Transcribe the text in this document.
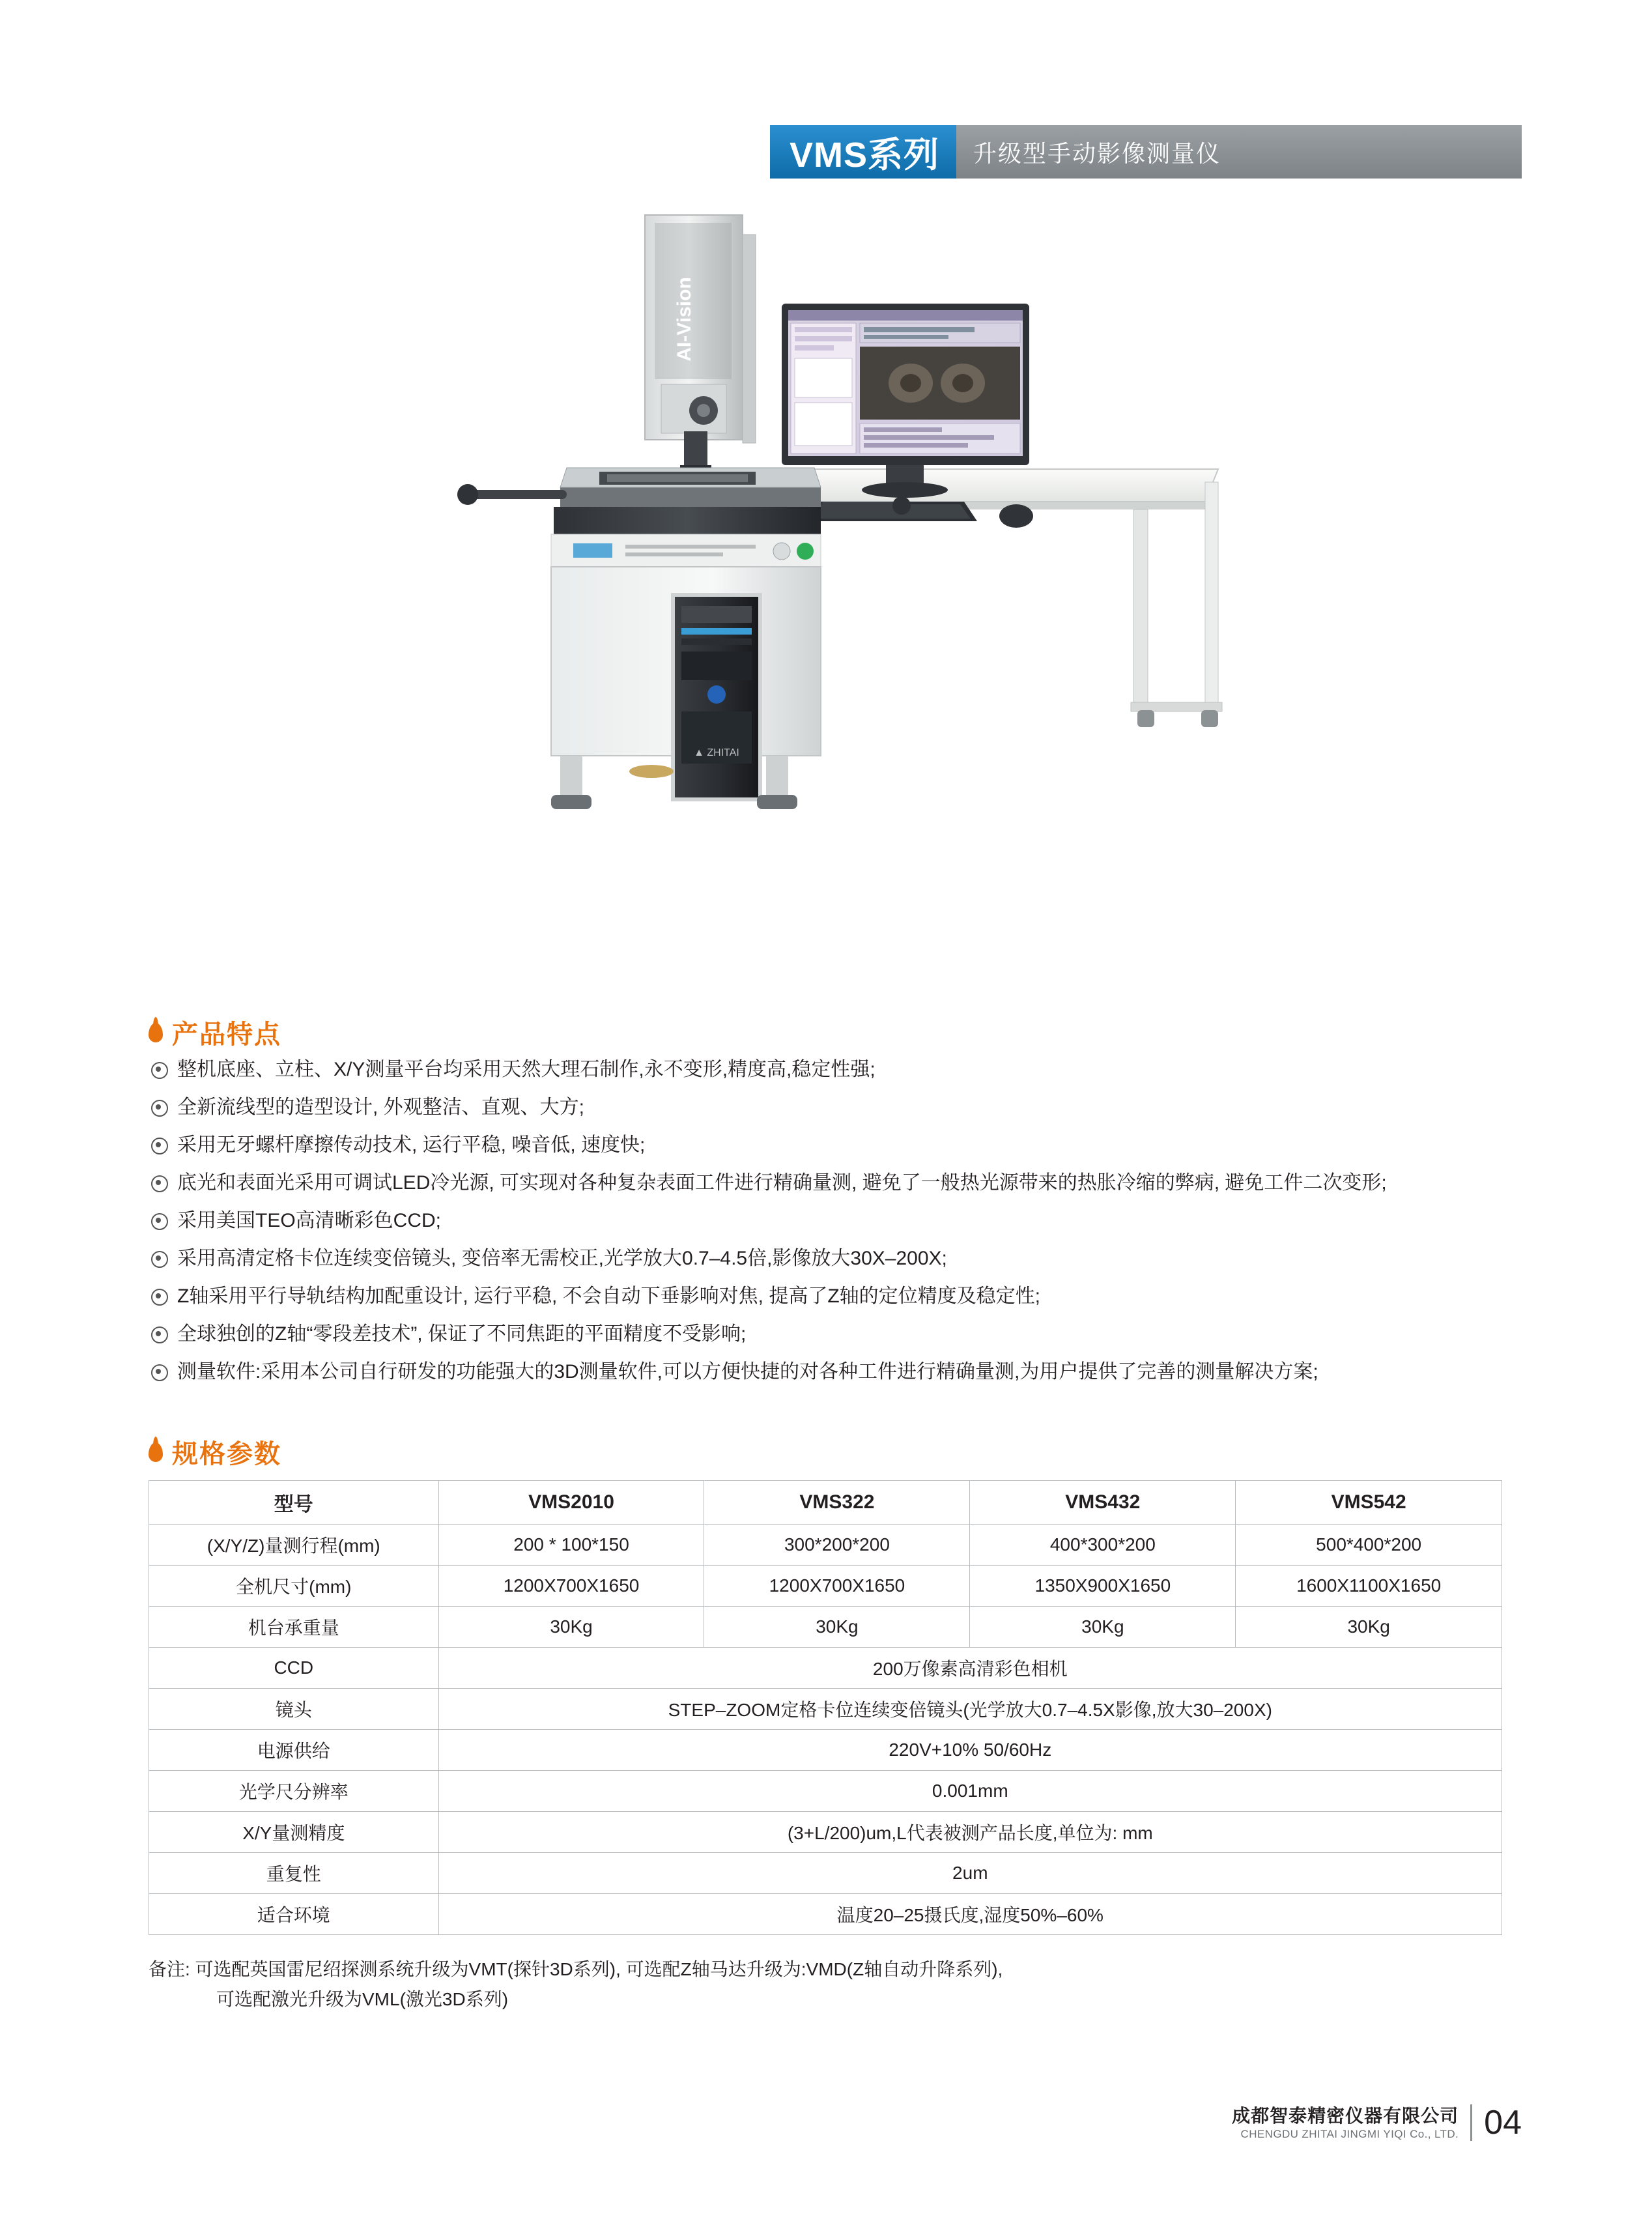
VMS系列	升级型手动影像测量仪
AI-Vision
▲ ZHITAI
产品特点
整机底座、立柱、X/Y测量平台均采用天然大理石制作,永不变形,精度高,稳定性强;
全新流线型的造型设计, 外观整洁、直观、大方;
采用无牙螺杆摩擦传动技术, 运行平稳, 噪音低, 速度快;
底光和表面光采用可调试LED冷光源, 可实现对各种复杂表面工件进行精确量测, 避免了一般热光源带来的热胀冷缩的弊病, 避免工件二次变形;
采用美国TEO高清晰彩色CCD;
采用高清定格卡位连续变倍镜头, 变倍率无需校正,光学放大0.7–4.5倍,影像放大30X–200X;
Z轴采用平行导轨结构加配重设计, 运行平稳, 不会自动下垂影响对焦, 提高了Z轴的定位精度及稳定性;
全球独创的Z轴“零段差技术”, 保证了不同焦距的平面精度不受影响;
测量软件:采用本公司自行研发的功能强大的3D测量软件,可以方便快捷的对各种工件进行精确量测,为用户提供了完善的测量解决方案;
规格参数
型号	VMS2010	VMS322	VMS432	VMS542
(X/Y/Z)量测行程(mm)	200 * 100*150	300*200*200	400*300*200	500*400*200
全机尺寸(mm)	1200X700X1650	1200X700X1650	1350X900X1650	1600X1100X1650
机台承重量	30Kg	30Kg	30Kg	30Kg
CCD	200万像素高清彩色相机			
镜头	STEP–ZOOM定格卡位连续变倍镜头(光学放大0.7–4.5X影像,放大30–200X)			
电源供给	220V+10% 50/60Hz			
光学尺分辨率	0.001mm			
X/Y量测精度	(3+L/200)um,L代表被测产品长度,单位为: mm			
重复性	2um			
适合环境	温度20–25摄氏度,湿度50%–60%			
备注: 可选配英国雷尼绍探测系统升级为VMT(探针3D系列), 可选配Z轴马达升级为:VMD(Z轴自动升降系列),
可选配激光升级为VML(激光3D系列)
成都智泰精密仪器有限公司
CHENGDU ZHITAI JINGMI YIQI Co., LTD. 04
